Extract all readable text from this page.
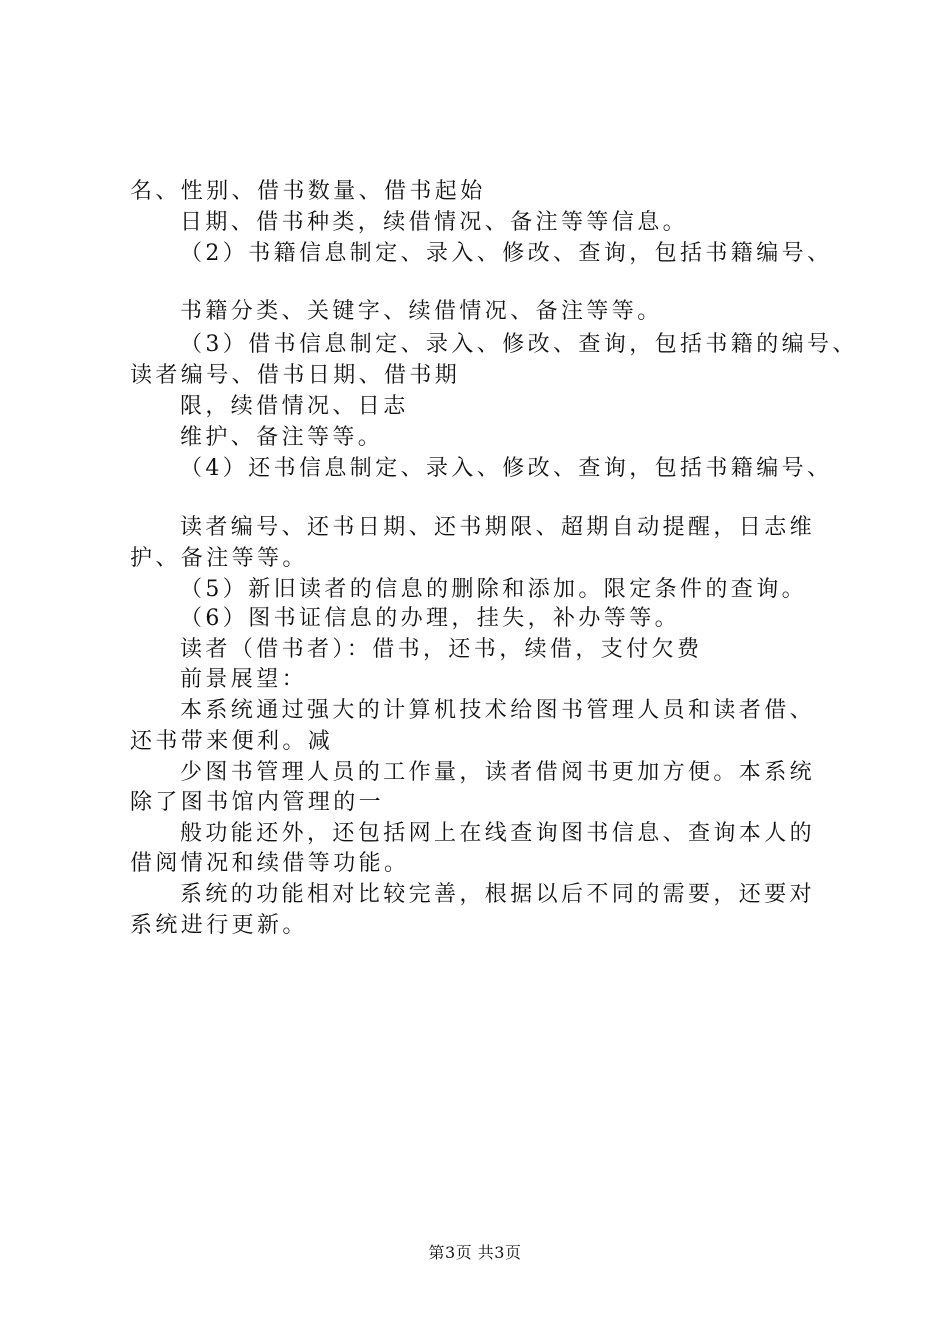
名、性别、借书数量、借书起始
日期、借书种类，续借情况、备注等等信息。
（2）书籍信息制定、录入、修改、查询，包括书籍编号、
书籍分类、关键字、续借情况、备注等等。
（3）借书信息制定、录入、修改、查询，包括书籍的编号、
读者编号、借书日期、借书期
限，续借情况、日志
维护、备注等等。
（4）还书信息制定、录入、修改、查询，包括书籍编号、
读者编号、还书日期、还书期限、超期自动提醒，日志维
护、备注等等。
（5）新旧读者的信息的删除和添加。限定条件的查询。
（6）图书证信息的办理，挂失，补办等等。
读者（借书者）：借书，还书，续借，支付欠费
前景展望：
本系统通过强大的计算机技术给图书管理人员和读者借、
还书带来便利。减
少图书管理人员的工作量，读者借阅书更加方便。本系统
除了图书馆内管理的一
般功能还外，还包括网上在线查询图书信息、查询本人的
借阅情况和续借等功能。
系统的功能相对比较完善，根据以后不同的需要，还要对
系统进行更新。
第3页 共3页
